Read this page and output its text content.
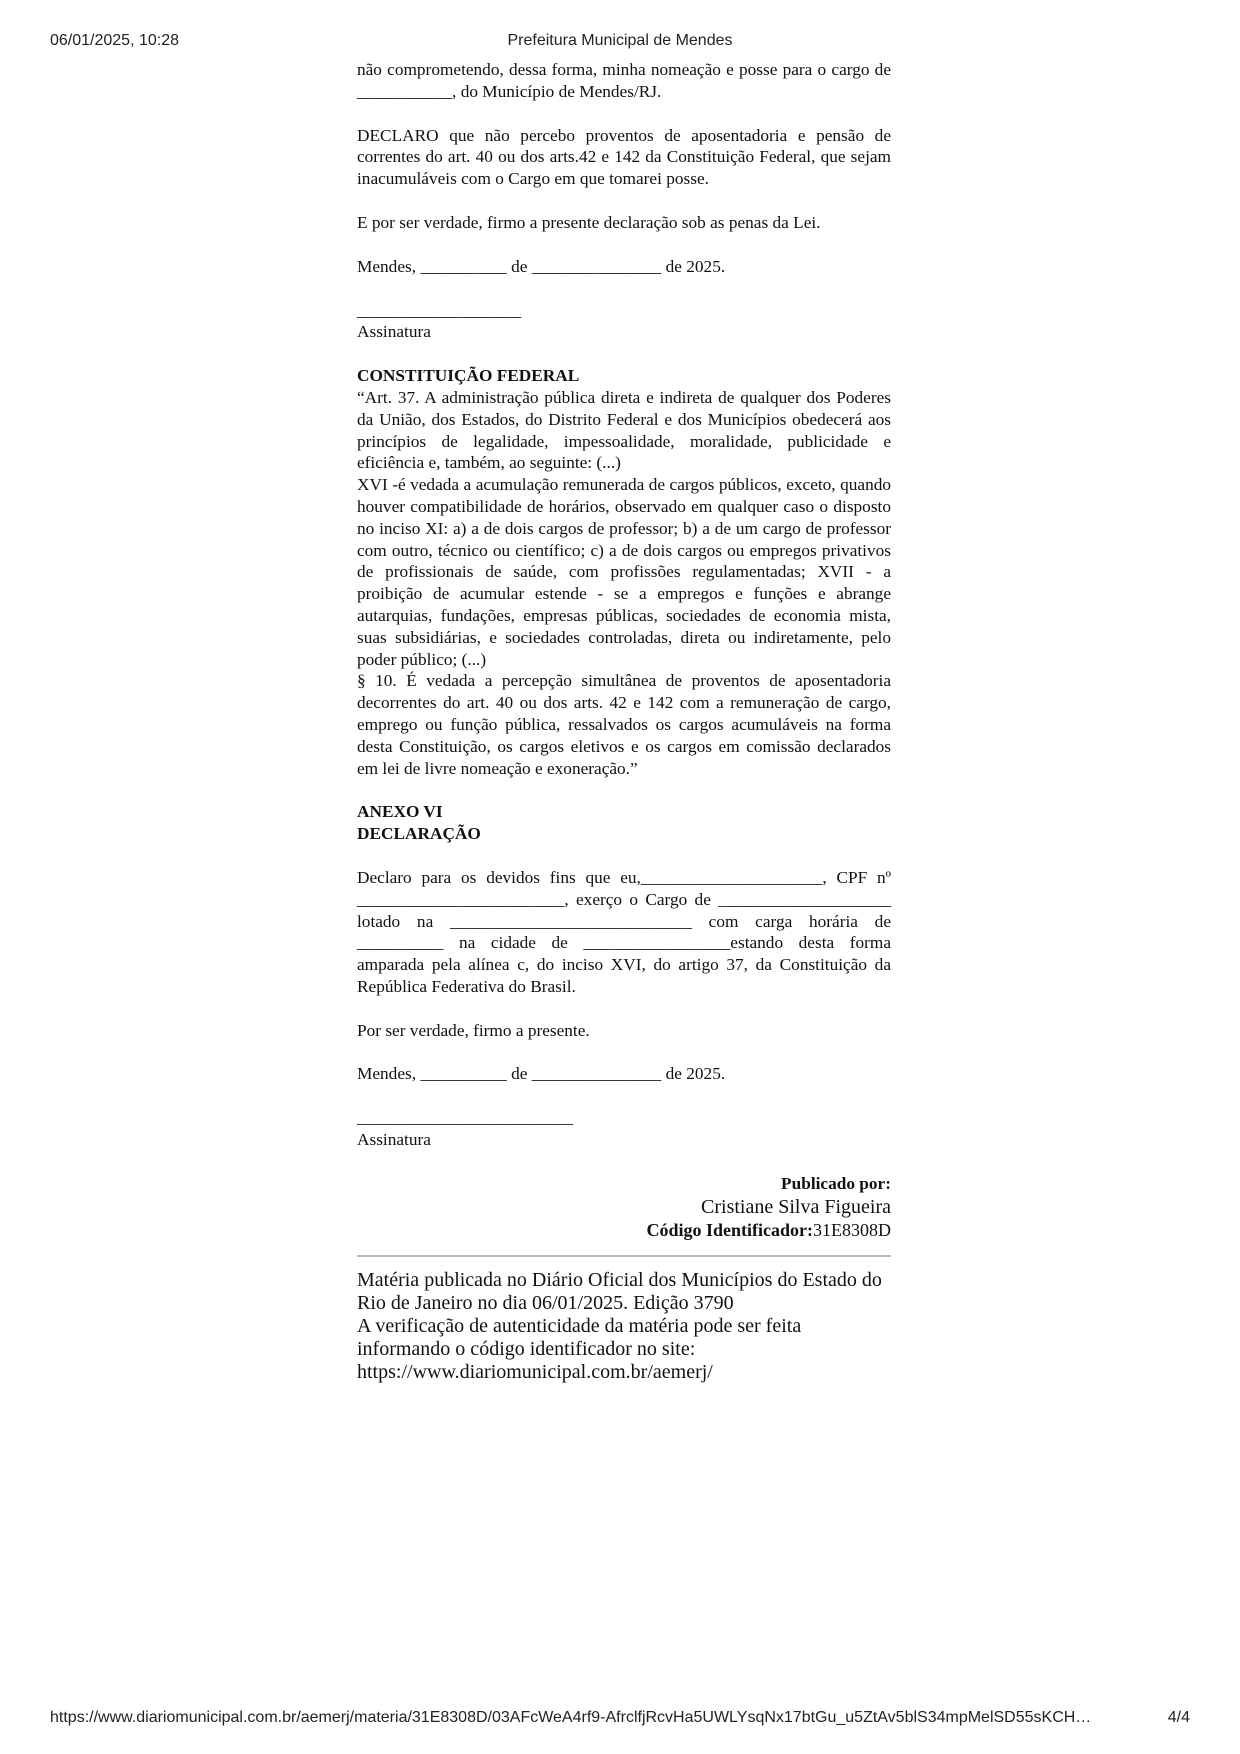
06/01/2025, 10:28	Prefeitura Municipal de Mendes

não comprometendo, dessa forma, minha nomeação e posse para o cargo de ___________, do Município de Mendes/RJ.

DECLARO que não percebo proventos de aposentadoria e pensão de correntes do art. 40 ou dos arts.42 e 142 da Constituição Federal, que sejam inacumuláveis com o Cargo em que tomarei posse.

E por ser verdade, firmo a presente declaração sob as penas da Lei.

Mendes, __________ de _______________ de 2025.

___________________

Assinatura

CONSTITUIÇÃO FEDERAL

“Art. 37. A administração pública direta e indireta de qualquer dos Poderes da União, dos Estados, do Distrito Federal e dos Municípios obedecerá aos princípios de legalidade, impessoalidade, moralidade, publicidade e eficiência e, também, ao seguinte: (...)

XVI -é vedada a acumulação remunerada de cargos públicos, exceto, quando houver compatibilidade de horários, observado em qualquer caso o disposto no inciso XI: a) a de dois cargos de professor; b) a de um cargo de professor com outro, técnico ou científico; c) a de dois cargos ou empregos privativos de profissionais de saúde, com profissões regulamentadas; XVII - a proibição de acumular estende - se a empregos e funções e abrange autarquias, fundações, empresas públicas, sociedades de economia mista, suas subsidiárias, e sociedades controladas, direta ou indiretamente, pelo poder público; (...)

§ 10. É vedada a percepção simultânea de proventos de aposentadoria decorrentes do art. 40 ou dos arts. 42 e 142 com a remuneração de cargo, emprego ou função pública, ressalvados os cargos acumuláveis na forma desta Constituição, os cargos eletivos e os cargos em comissão declarados em lei de livre nomeação e exoneração.”

ANEXO VI

DECLARAÇÃO

Declaro para os devidos fins que eu,_____________________, CPF nº ________________________, exerço o Cargo de ____________________ lotado na ____________________________ com carga horária de __________ na cidade de _________________estando desta forma amparada pela alínea c, do inciso XVI, do artigo 37, da Constituição da República Federativa do Brasil.

Por ser verdade, firmo a presente.

Mendes, __________ de _______________ de 2025.

_________________________

Assinatura

Publicado por:
Cristiane Silva Figueira
Código Identificador:31E8308D
Matéria publicada no Diário Oficial dos Municípios do Estado do Rio de Janeiro no dia 06/01/2025. Edição 3790
A verificação de autenticidade da matéria pode ser feita informando o código identificador no site:
https://www.diariomunicipal.com.br/aemerj/
https://www.diariomunicipal.com.br/aemerj/materia/31E8308D/03AFcWeA4rf9-AfrclfjRcvHa5UWLYsqNx17btGu_u5ZtAv5blS34mpMelSD55sKCH…	4/4
